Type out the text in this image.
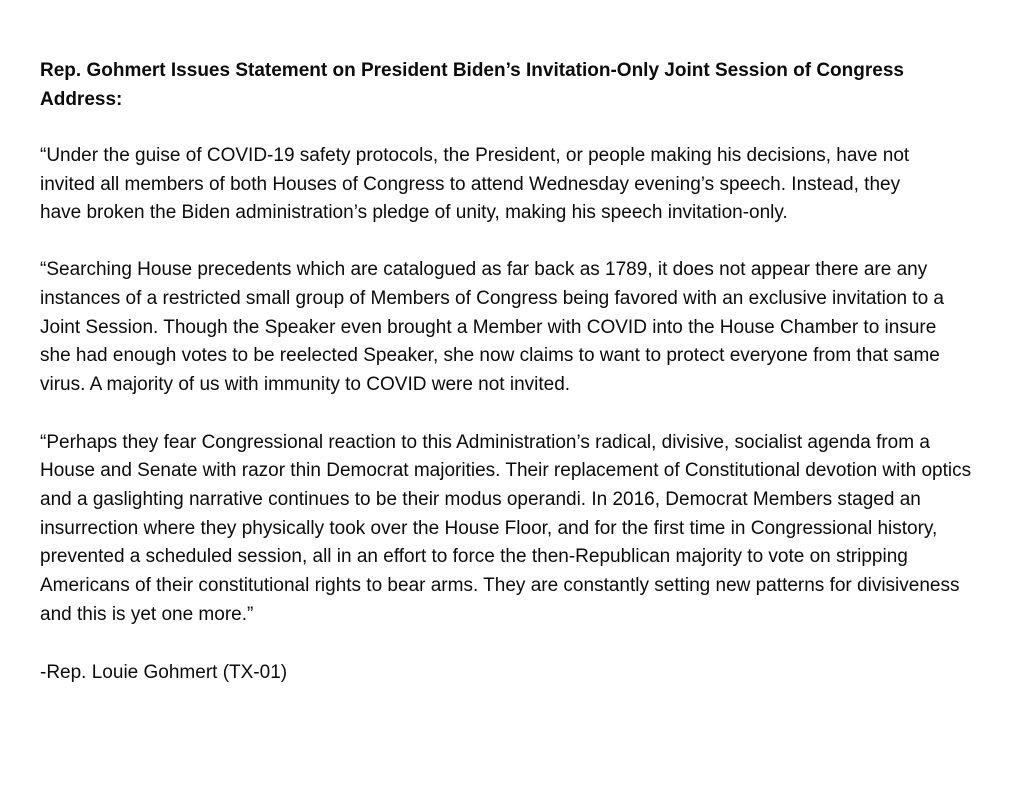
Rep. Gohmert Issues Statement on President Biden’s Invitation-Only Joint Session of Congress Address:

“Under the guise of COVID-19 safety protocols, the President, or people making his decisions, have not invited all members of both Houses of Congress to attend Wednesday evening’s speech. Instead, they have broken the Biden administration’s pledge of unity, making his speech invitation-only.

“Searching House precedents which are catalogued as far back as 1789, it does not appear there are any instances of a restricted small group of Members of Congress being favored with an exclusive invitation to a Joint Session. Though the Speaker even brought a Member with COVID into the House Chamber to insure she had enough votes to be reelected Speaker, she now claims to want to protect everyone from that same virus. A majority of us with immunity to COVID were not invited.

“Perhaps they fear Congressional reaction to this Administration’s radical, divisive, socialist agenda from a House and Senate with razor thin Democrat majorities. Their replacement of Constitutional devotion with optics and a gaslighting narrative continues to be their modus operandi. In 2016, Democrat Members staged an insurrection where they physically took over the House Floor, and for the first time in Congressional history, prevented a scheduled session, all in an effort to force the then-Republican majority to vote on stripping Americans of their constitutional rights to bear arms. They are constantly setting new patterns for divisiveness and this is yet one more.”

-Rep. Louie Gohmert (TX-01)
